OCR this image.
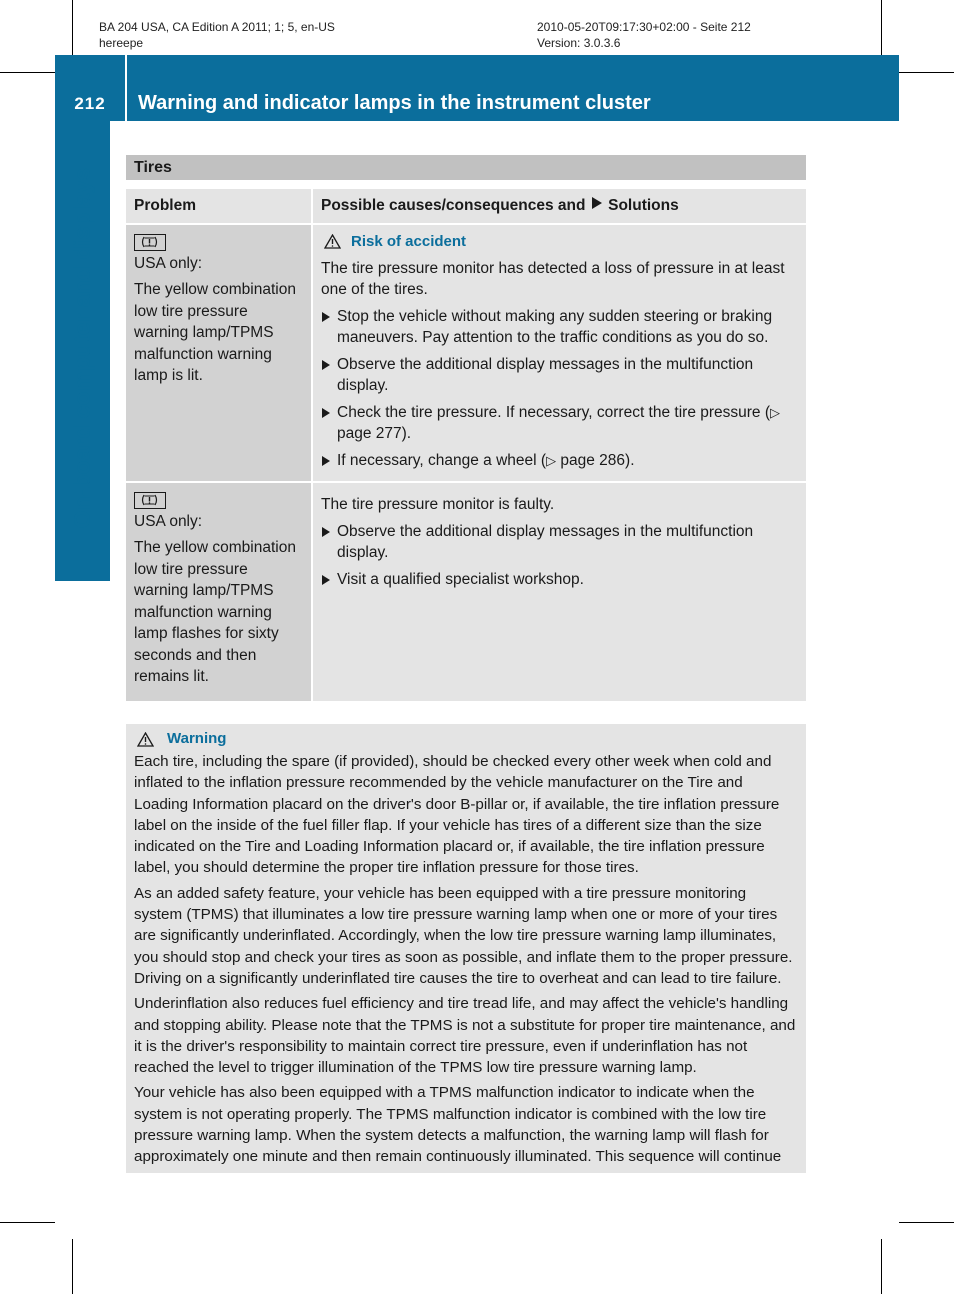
BA 204 USA, CA Edition A 2011; 1; 5, en-US
hereepe
2010-05-20T09:17:30+02:00 - Seite 212
Version: 3.0.3.6
212	Warning and indicator lamps in the instrument cluster
On-board computer and displays
Tires
Problem	Possible causes/consequences and Solutions

USA only:

The yellow combination low tire pressure warning lamp/TPMS malfunction warning lamp is lit.

Risk of accident

The tire pressure monitor has detected a loss of pressure in at least one of the tires.

Stop the vehicle without making any sudden steering or braking maneuvers. Pay attention to the traffic conditions as you do so.
Observe the additional display messages in the multifunction display.
Check the tire pressure. If necessary, correct the tire pressure (▷ page 277).
If necessary, change a wheel (▷ page 286).

USA only:

The yellow combination low tire pressure warning lamp/TPMS malfunction warning lamp flashes for sixty seconds and then remains lit.

The tire pressure monitor is faulty.

Observe the additional display messages in the multifunction display.
Visit a qualified specialist workshop.
Warning

Each tire, including the spare (if provided), should be checked every other week when cold and inflated to the inflation pressure recommended by the vehicle manufacturer on the Tire and Loading Information placard on the driver's door B-pillar or, if available, the tire inflation pressure label on the inside of the fuel filler flap. If your vehicle has tires of a different size than the size indicated on the Tire and Loading Information placard or, if available, the tire inflation pressure label, you should determine the proper tire inflation pressure for those tires.

As an added safety feature, your vehicle has been equipped with a tire pressure monitoring system (TPMS) that illuminates a low tire pressure warning lamp when one or more of your tires are significantly underinflated. Accordingly, when the low tire pressure warning lamp illuminates, you should stop and check your tires as soon as possible, and inflate them to the proper pressure. Driving on a significantly underinflated tire causes the tire to overheat and can lead to tire failure.

Underinflation also reduces fuel efficiency and tire tread life, and may affect the vehicle's handling and stopping ability. Please note that the TPMS is not a substitute for proper tire maintenance, and it is the driver's responsibility to maintain correct tire pressure, even if underinflation has not reached the level to trigger illumination of the TPMS low tire pressure warning lamp.

Your vehicle has also been equipped with a TPMS malfunction indicator to indicate when the system is not operating properly. The TPMS malfunction indicator is combined with the low tire pressure warning lamp. When the system detects a malfunction, the warning lamp will flash for approximately one minute and then remain continuously illuminated. This sequence will continue
